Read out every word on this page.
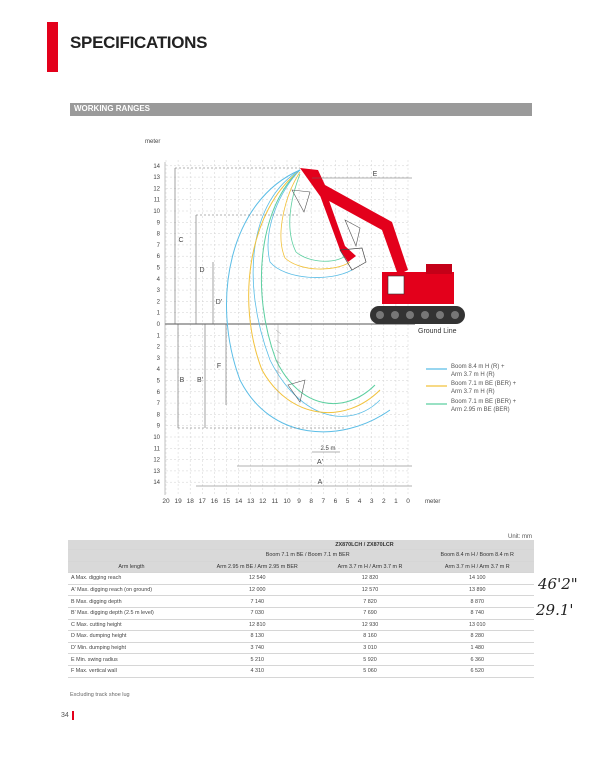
SPECIFICATIONS
WORKING RANGES
meter
14
13
12
11
10
9
8
7
6
5
4
3
2
1
0
1
2
3
4
5
6
7
8
9
10
11
12
13
14
20 19 18 17 16 15 14 13 12 11 10 9 8 7 6 5 4 3 2 1 0	meter
C
D
D'
F
B B'
E
A'
A
2.5 m
Ground Line
Boom 8.4 m H (R) +
Arm 3.7 m H (R)
Boom 7.1 m BE (BER) +
Arm 3.7 m H (R)
Boom 7.1 m BE (BER) +
Arm 2.95 m BE (BER)
Unit: mm
	ZX870LCH / ZX870LCR		
	Boom 7.1 m BE / Boom 7.1 m BER		Boom 8.4 m H / Boom 8.4 m R
Arm length	Arm 2.95 m BE / Arm 2.95 m BER	Arm 3.7 m H / Arm 3.7 m R	Arm 3.7 m H / Arm 3.7 m R
A Max. digging reach	12 540	12 820	14 100
A' Max. digging reach (on ground)	12 000	12 570	13 890
B Max. digging depth	7 140	7 820	8 870
B' Max. digging depth (2.5 m level)	7 030	7 690	8 740
C Max. cutting height	12 810	12 930	13 010
D Max. dumping height	8 130	8 160	8 280
D' Min. dumping height	3 740	3 010	1 480
E Min. swing radius	5 210	5 920	6 360
F Max. vertical wall	4 310	5 060	6 520
46'2"
29.1'
Excluding track shoe lug
34
